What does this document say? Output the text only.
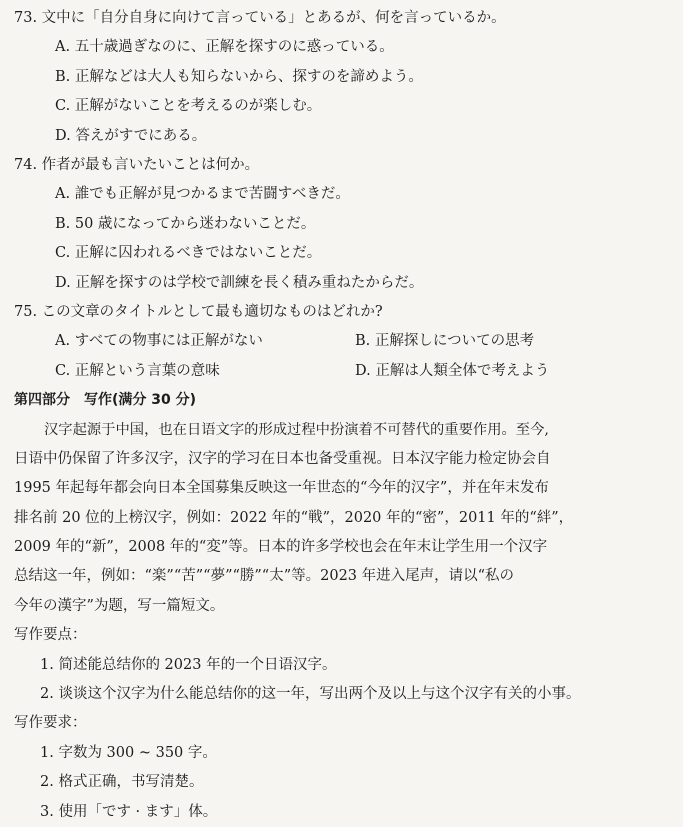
73. 文中に「自分自身に向けて言っている」とあるが、何を言っているか。

A. 五十歳過ぎなのに、正解を探すのに惑っている。

B. 正解などは大人も知らないから、探すのを諦めよう。

C. 正解がないことを考えるのが楽しむ。

D. 答えがすでにある。

74. 作者が最も言いたいことは何か。

A. 誰でも正解が見つかるまで苦闘すべきだ。

B. 50 歳になってから迷わないことだ。

C. 正解に囚われるべきではないことだ。

D. 正解を探すのは学校で訓練を長く積み重ねたからだ。

75. この文章のタイトルとして最も適切なものはどれか?

A. すべての物事には正解がない	B. 正解探しについての思考
C. 正解という言葉の意味	D. 正解は人類全体で考えよう

第四部分　写作(满分 30 分)

汉字起源于中国，也在日语文字的形成过程中扮演着不可替代的重要作用。至今,

日语中仍保留了许多汉字，汉字的学习在日本也备受重视。日本汉字能力检定协会自

1995 年起每年都会向日本全国募集反映这一年世态的“今年的汉字”，并在年末发布

排名前 20 位的上榜汉字，例如：2022 年的“戦”，2020 年的“密”，2011 年的“絆”，

2009 年的“新”，2008 年的“変”等。日本的许多学校也会在年末让学生用一个汉字

总结这一年，例如：“楽”“苦”“夢”“勝”“太”等。2023 年进入尾声，请以“私の

今年の漢字”为题，写一篇短文。

写作要点：

1. 简述能总结你的 2023 年的一个日语汉字。

2. 谈谈这个汉字为什么能总结你的这一年，写出两个及以上与这个汉字有关的小事。

写作要求：

1. 字数为 300 ~ 350 字。

2. 格式正确，书写清楚。

3. 使用「です · ます」体。
